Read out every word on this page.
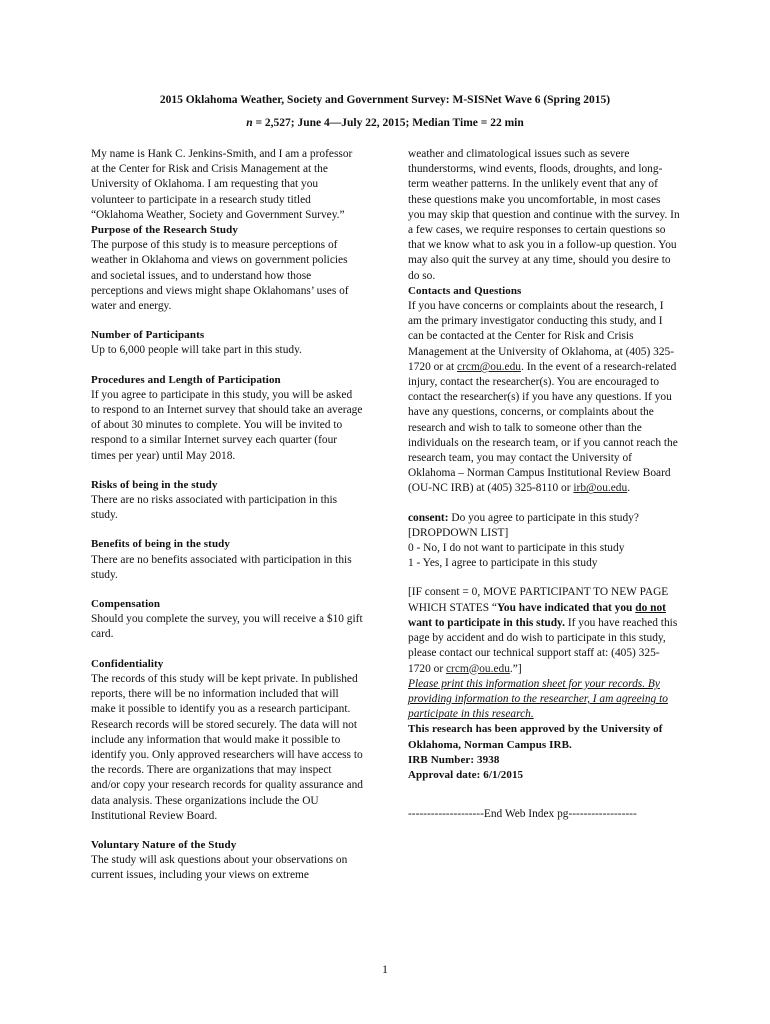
2015 Oklahoma Weather, Society and Government Survey: M-SISNet Wave 6 (Spring 2015)
n = 2,527; June 4—July 22, 2015; Median Time = 22 min

My name is Hank C. Jenkins-Smith, and I am a professor at the Center for Risk and Crisis Management at the University of Oklahoma. I am requesting that you volunteer to participate in a research study titled “Oklahoma Weather, Society and Government Survey.”

Purpose of the Research Study

The purpose of this study is to measure perceptions of weather in Oklahoma and views on government policies and societal issues, and to understand how those perceptions and views might shape Oklahomans’ uses of water and energy.

Number of Participants

Up to 6,000 people will take part in this study.

Procedures and Length of Participation

If you agree to participate in this study, you will be asked to respond to an Internet survey that should take an average of about 30 minutes to complete. You will be invited to respond to a similar Internet survey each quarter (four times per year) until May 2018.

Risks of being in the study

There are no risks associated with participation in this study.

Benefits of being in the study

There are no benefits associated with participation in this study.

Compensation

Should you complete the survey, you will receive a $10 gift card.

Confidentiality

The records of this study will be kept private. In published reports, there will be no information included that will make it possible to identify you as a research participant. Research records will be stored securely. The data will not include any information that would make it possible to identify you. Only approved researchers will have access to the records. There are organizations that may inspect and/or copy your research records for quality assurance and data analysis. These organizations include the OU Institutional Review Board.

Voluntary Nature of the Study

The study will ask questions about your observations on current issues, including your views on extreme

weather and climatological issues such as severe thunderstorms, wind events, floods, droughts, and long-term weather patterns. In the unlikely event that any of these questions make you uncomfortable, in most cases you may skip that question and continue with the survey. In a few cases, we require responses to certain questions so that we know what to ask you in a follow-up question. You may also quit the survey at any time, should you desire to do so.

Contacts and Questions

If you have concerns or complaints about the research, I am the primary investigator conducting this study, and I can be contacted at the Center for Risk and Crisis Management at the University of Oklahoma, at (405) 325-1720 or at crcm@ou.edu. In the event of a research-related injury, contact the researcher(s). You are encouraged to contact the researcher(s) if you have any questions. If you have any questions, concerns, or complaints about the research and wish to talk to someone other than the individuals on the research team, or if you cannot reach the research team, you may contact the University of Oklahoma – Norman Campus Institutional Review Board (OU-NC IRB) at (405) 325-8110 or irb@ou.edu.

consent: Do you agree to participate in this study? [DROPDOWN LIST]

0 - No, I do not want to participate in this study

1 - Yes, I agree to participate in this study

[IF consent = 0, MOVE PARTICIPANT TO NEW PAGE WHICH STATES “You have indicated that you do not want to participate in this study. If you have reached this page by accident and do wish to participate in this study, please contact our technical support staff at: (405) 325-1720 or crcm@ou.edu.”]

Please print this information sheet for your records. By providing information to the researcher, I am agreeing to participate in this research.

This research has been approved by the University of Oklahoma, Norman Campus IRB.

IRB Number: 3938

Approval date: 6/1/2015

--------------------End Web Index pg------------------

1
